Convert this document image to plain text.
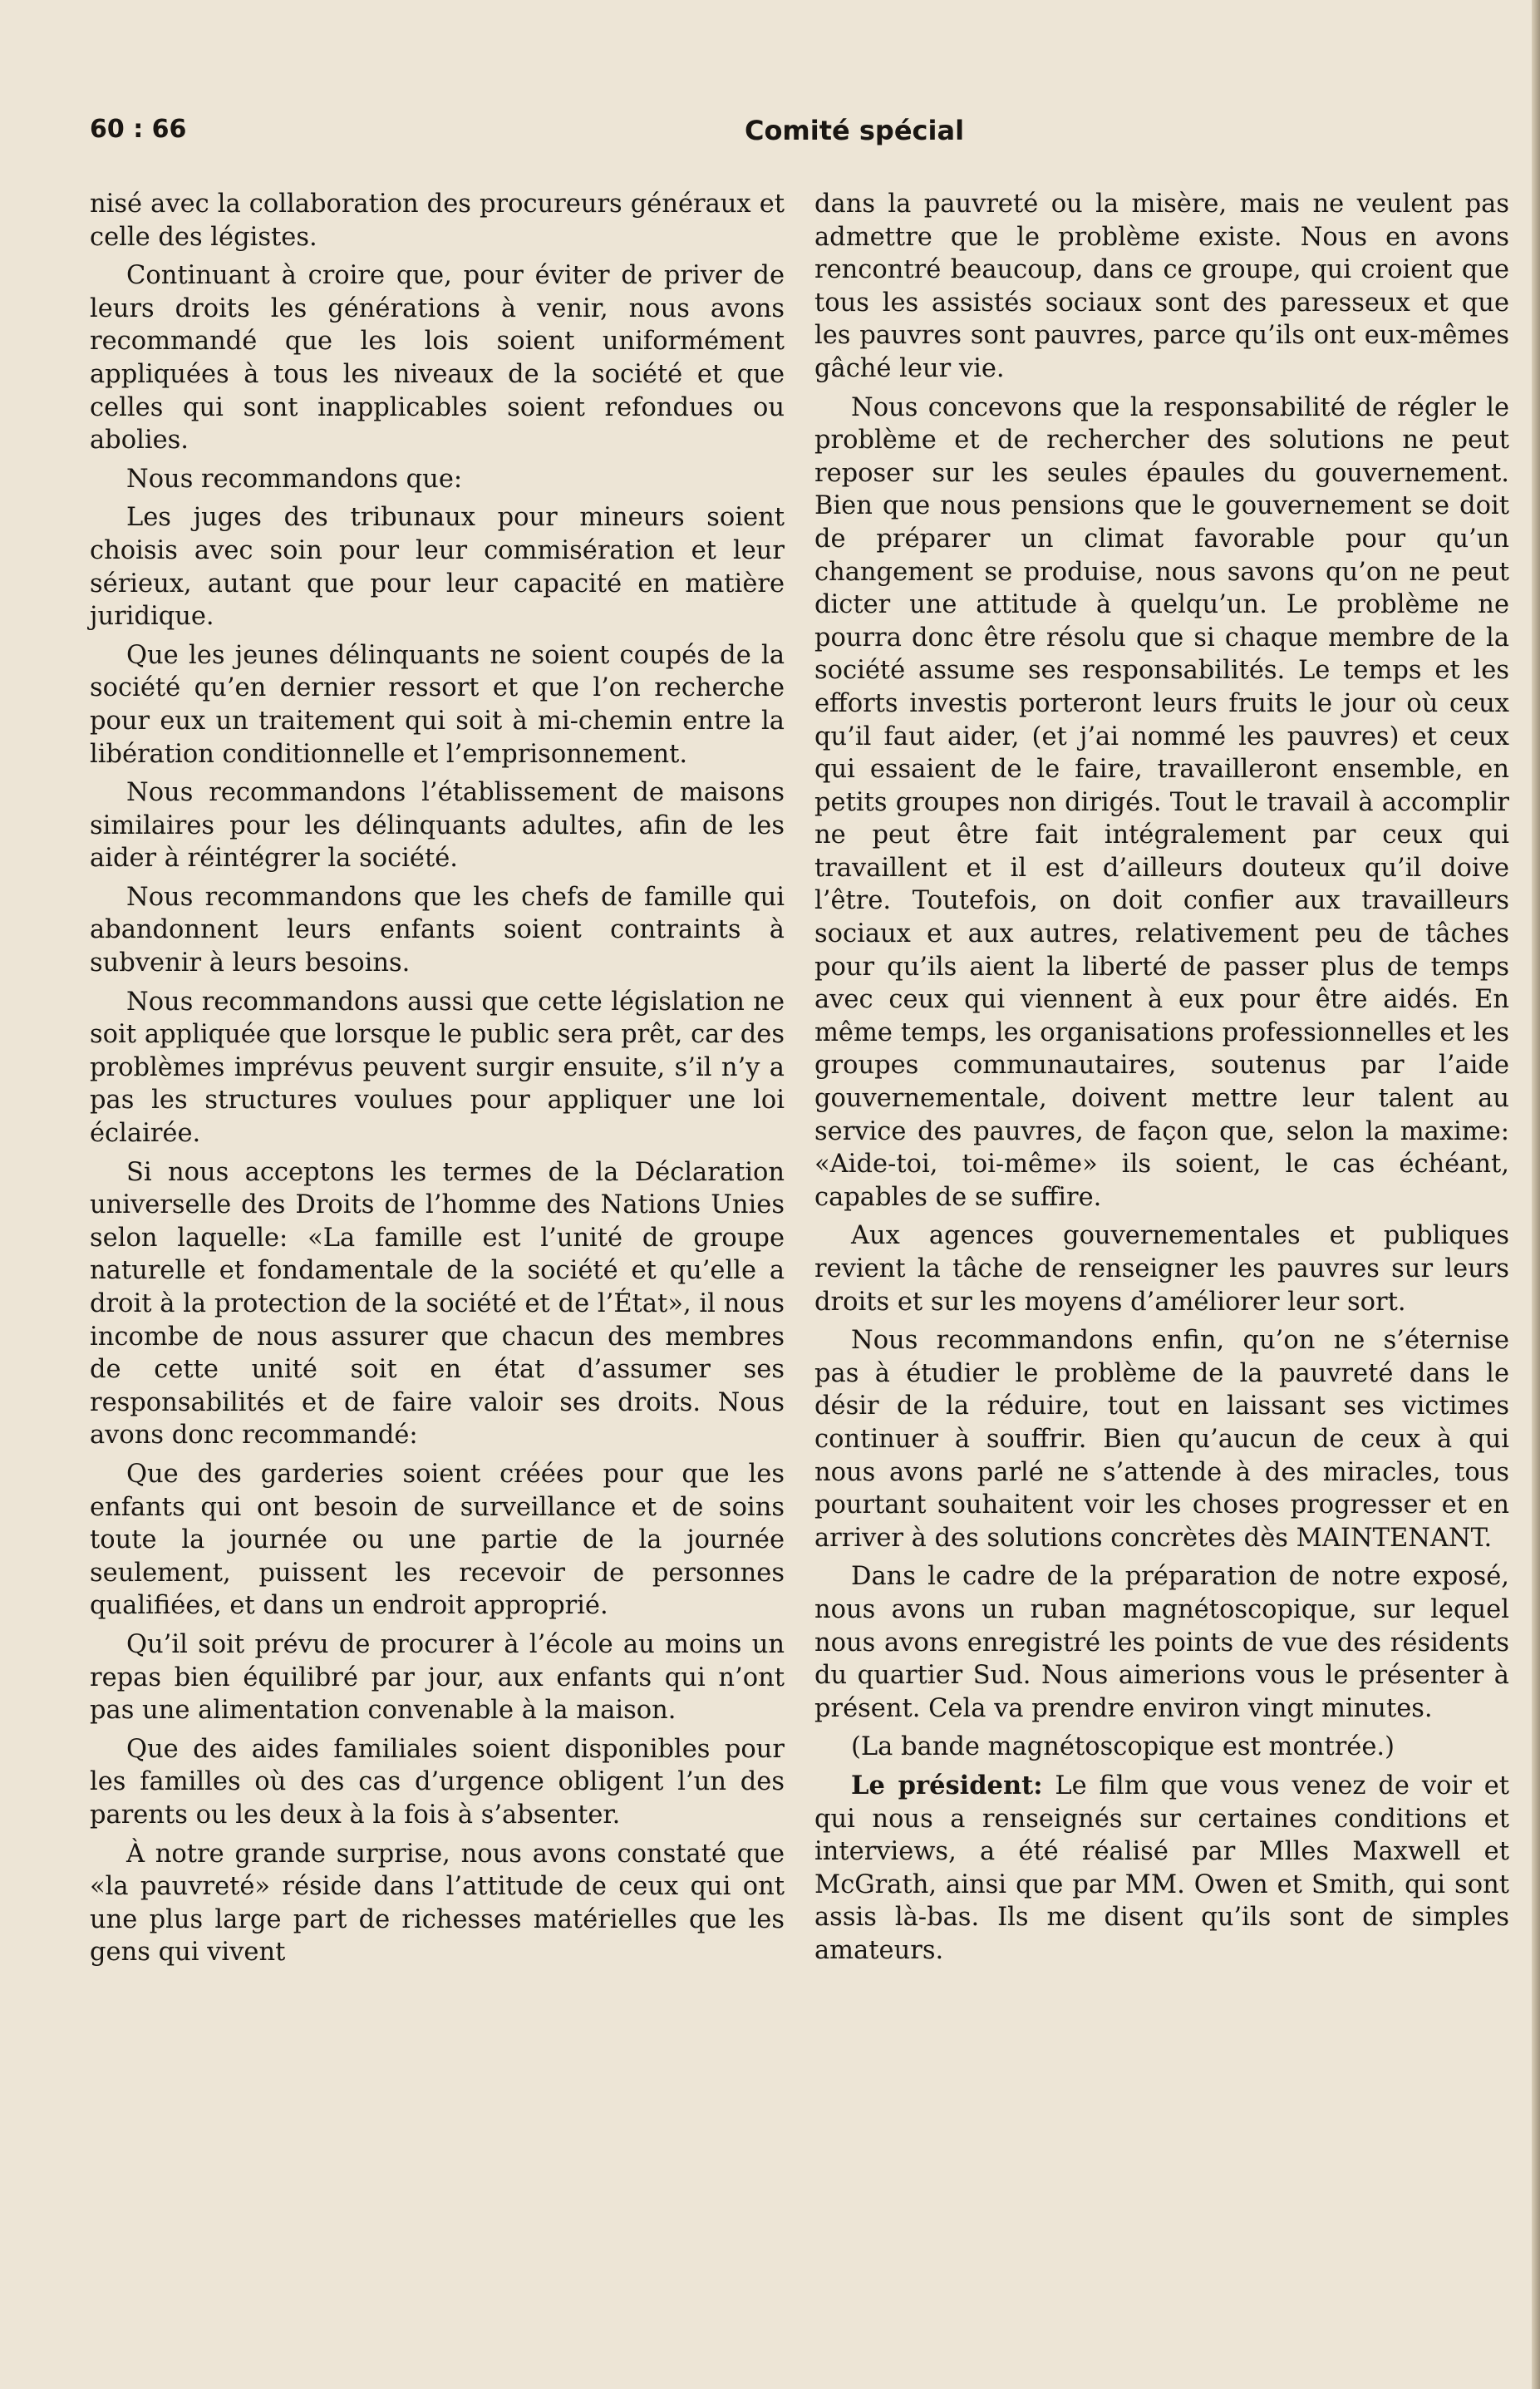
60 : 66	Comité spécial

nisé avec la collaboration des procureurs généraux et celle des légistes.

Continuant à croire que, pour éviter de priver de leurs droits les générations à venir, nous avons recommandé que les lois soient uniformément appliquées à tous les niveaux de la société et que celles qui sont inapplicables soient refondues ou abolies.

Nous recommandons que:

Les juges des tribunaux pour mineurs soient choisis avec soin pour leur commisération et leur sérieux, autant que pour leur capacité en matière juridique.

Que les jeunes délinquants ne soient coupés de la société qu’en dernier ressort et que l’on recherche pour eux un traitement qui soit à mi-chemin entre la libération conditionnelle et l’emprisonnement.

Nous recommandons l’établissement de maisons similaires pour les délinquants adultes, afin de les aider à réintégrer la société.

Nous recommandons que les chefs de famille qui abandonnent leurs enfants soient contraints à subvenir à leurs besoins.

Nous recommandons aussi que cette législation ne soit appliquée que lorsque le public sera prêt, car des problèmes imprévus peuvent surgir ensuite, s’il n’y a pas les structures voulues pour appliquer une loi éclairée.

Si nous acceptons les termes de la Déclaration universelle des Droits de l’homme des Nations Unies selon laquelle: «La famille est l’unité de groupe naturelle et fondamentale de la société et qu’elle a droit à la protection de la société et de l’État», il nous incombe de nous assurer que chacun des membres de cette unité soit en état d’assumer ses responsabilités et de faire valoir ses droits. Nous avons donc recommandé:

Que des garderies soient créées pour que les enfants qui ont besoin de surveillance et de soins toute la journée ou une partie de la journée seulement, puissent les recevoir de personnes qualifiées, et dans un endroit approprié.

Qu’il soit prévu de procurer à l’école au moins un repas bien équilibré par jour, aux enfants qui n’ont pas une alimentation convenable à la maison.

Que des aides familiales soient disponibles pour les familles où des cas d’urgence obligent l’un des parents ou les deux à la fois à s’absenter.

À notre grande surprise, nous avons constaté que «la pauvreté» réside dans l’attitude de ceux qui ont une plus large part de richesses matérielles que les gens qui vivent

dans la pauvreté ou la misère, mais ne veulent pas admettre que le problème existe. Nous en avons rencontré beaucoup, dans ce groupe, qui croient que tous les assistés sociaux sont des paresseux et que les pauvres sont pauvres, parce qu’ils ont eux-mêmes gâché leur vie.

Nous concevons que la responsabilité de régler le problème et de rechercher des solutions ne peut reposer sur les seules épaules du gouvernement. Bien que nous pensions que le gouvernement se doit de préparer un climat favorable pour qu’un changement se produise, nous savons qu’on ne peut dicter une attitude à quelqu’un. Le problème ne pourra donc être résolu que si chaque membre de la société assume ses responsabilités. Le temps et les efforts investis porteront leurs fruits le jour où ceux qu’il faut aider, (et j’ai nommé les pauvres) et ceux qui essaient de le faire, travailleront ensemble, en petits groupes non dirigés. Tout le travail à accomplir ne peut être fait intégralement par ceux qui travaillent et il est d’ailleurs douteux qu’il doive l’être. Toutefois, on doit confier aux travailleurs sociaux et aux autres, relativement peu de tâches pour qu’ils aient la liberté de passer plus de temps avec ceux qui viennent à eux pour être aidés. En même temps, les organisations professionnelles et les groupes communautaires, soutenus par l’aide gouvernementale, doivent mettre leur talent au service des pauvres, de façon que, selon la maxime: «Aide-toi, toi-même» ils soient, le cas échéant, capables de se suffire.

Aux agences gouvernementales et publiques revient la tâche de renseigner les pauvres sur leurs droits et sur les moyens d’améliorer leur sort.

Nous recommandons enfin, qu’on ne s’éternise pas à étudier le problème de la pauvreté dans le désir de la réduire, tout en laissant ses victimes continuer à souffrir. Bien qu’aucun de ceux à qui nous avons parlé ne s’attende à des miracles, tous pourtant souhaitent voir les choses progresser et en arriver à des solutions concrètes dès MAINTENANT.

Dans le cadre de la préparation de notre exposé, nous avons un ruban magnétoscopique, sur lequel nous avons enregistré les points de vue des résidents du quartier Sud. Nous aimerions vous le présenter à présent. Cela va prendre environ vingt minutes.

(La bande magnétoscopique est montrée.)

Le président: Le film que vous venez de voir et qui nous a renseignés sur certaines conditions et interviews, a été réalisé par Mlles Maxwell et McGrath, ainsi que par MM. Owen et Smith, qui sont assis là-bas. Ils me disent qu’ils sont de simples amateurs.
